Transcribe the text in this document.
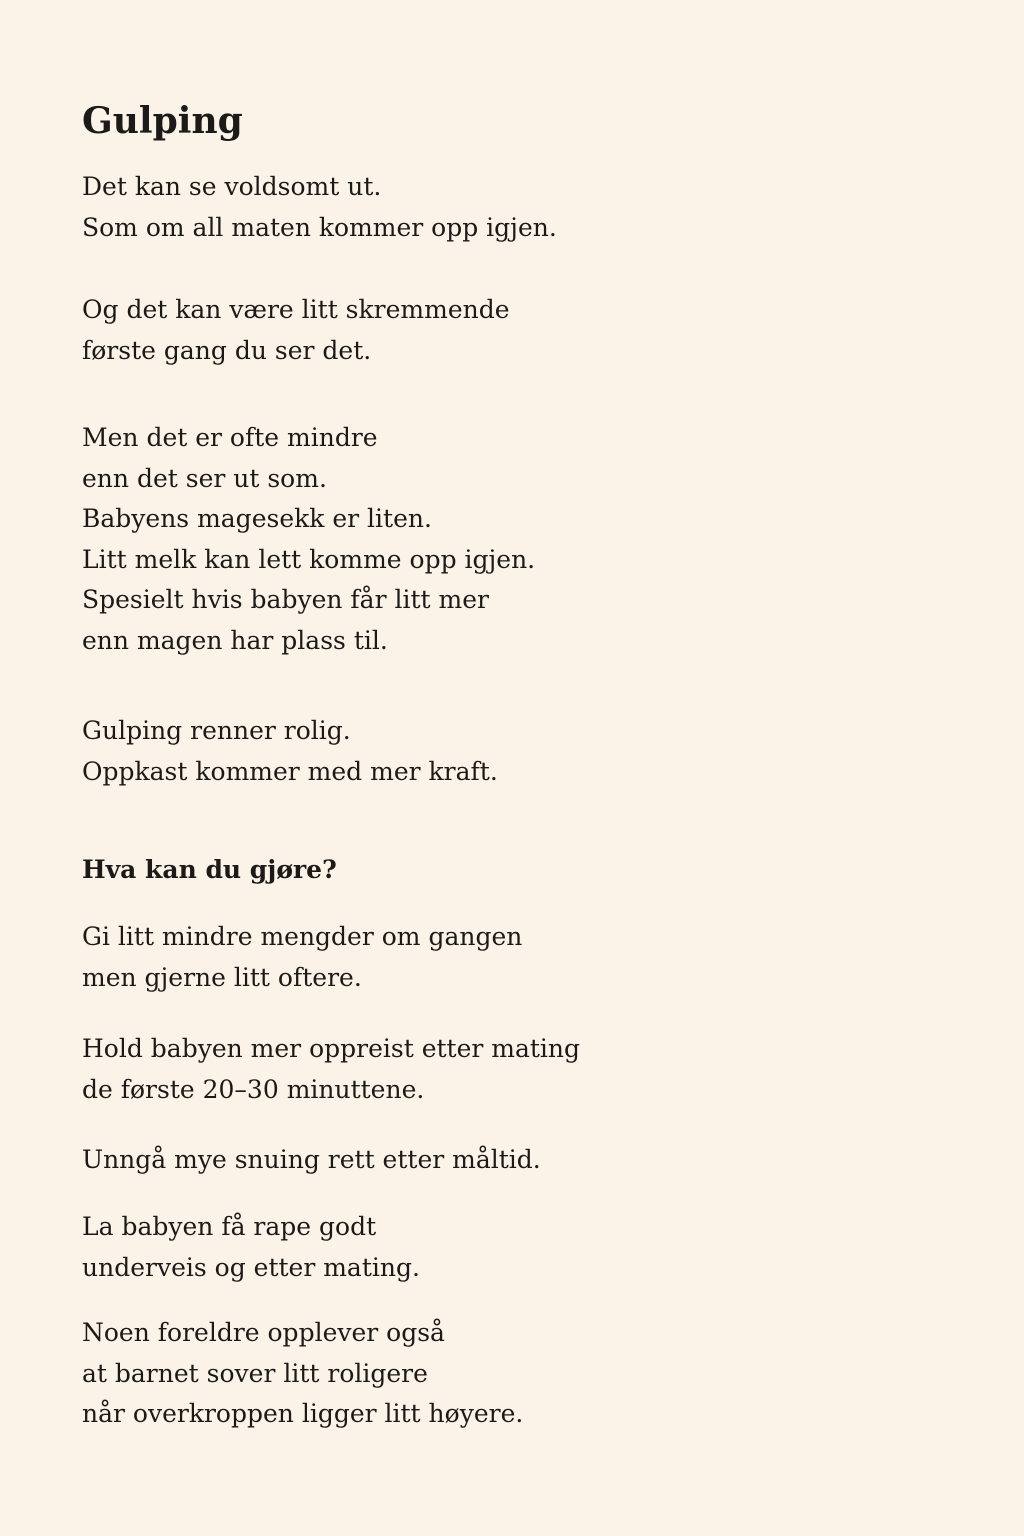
Gulping

Det kan se voldsomt ut.
Som om all maten kommer opp igjen.

Og det kan være litt skremmende
første gang du ser det.

Men det er ofte mindre
enn det ser ut som.
Babyens magesekk er liten.
Litt melk kan lett komme opp igjen.
Spesielt hvis babyen får litt mer
enn magen har plass til.

Gulping renner rolig.
Oppkast kommer med mer kraft.

Hva kan du gjøre?

Gi litt mindre mengder om gangen
men gjerne litt oftere.

Hold babyen mer oppreist etter mating
de første 20–30 minuttene.

Unngå mye snuing rett etter måltid.

La babyen få rape godt
underveis og etter mating.

Noen foreldre opplever også
at barnet sover litt roligere
når overkroppen ligger litt høyere.
